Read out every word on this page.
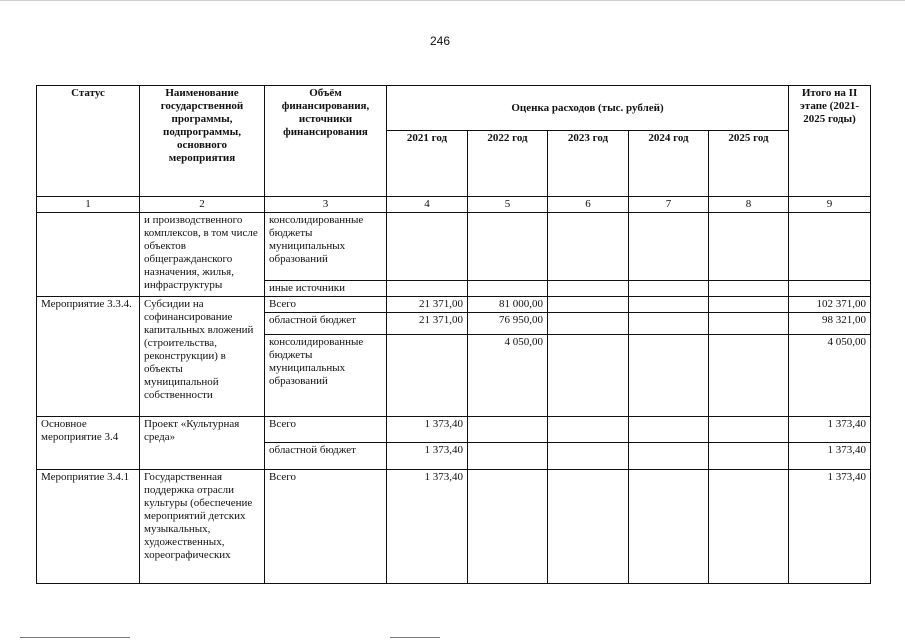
246
Статус	Наименование государственной программы, подпрограммы, основного мероприятия	Объём финансирования, источники финансирования	Оценка расходов (тыс. рублей)					Итого на II этапе (2021-2025 годы)
			2021 год	2022 год	2023 год	2024 год	2025 год	
1	2	3	4	5	6	7	8	9
	и производственного комплексов, в том числе объектов общегражданского назначения, жилья, инфраструктуры	консолидированные бюджеты муниципальных образований						
		иные источники						
Мероприятие 3.3.4.	Субсидии на софинансирование капитальных вложений (строительства, реконструкции) в объекты муниципальной собственности	Всего	21 371,00	81 000,00				102 371,00
		областной бюджет	21 371,00	76 950,00				98 321,00
		консолидированные бюджеты муниципальных образований		4 050,00				4 050,00
Основное мероприятие 3.4	Проект «Культурная среда»	Всего	1 373,40					1 373,40
		областной бюджет	1 373,40					1 373,40
Мероприятие 3.4.1	Государственная поддержка отрасли культуры (обеспечение мероприятий детских музыкальных, художественных, хореографических	Всего	1 373,40					1 373,40
